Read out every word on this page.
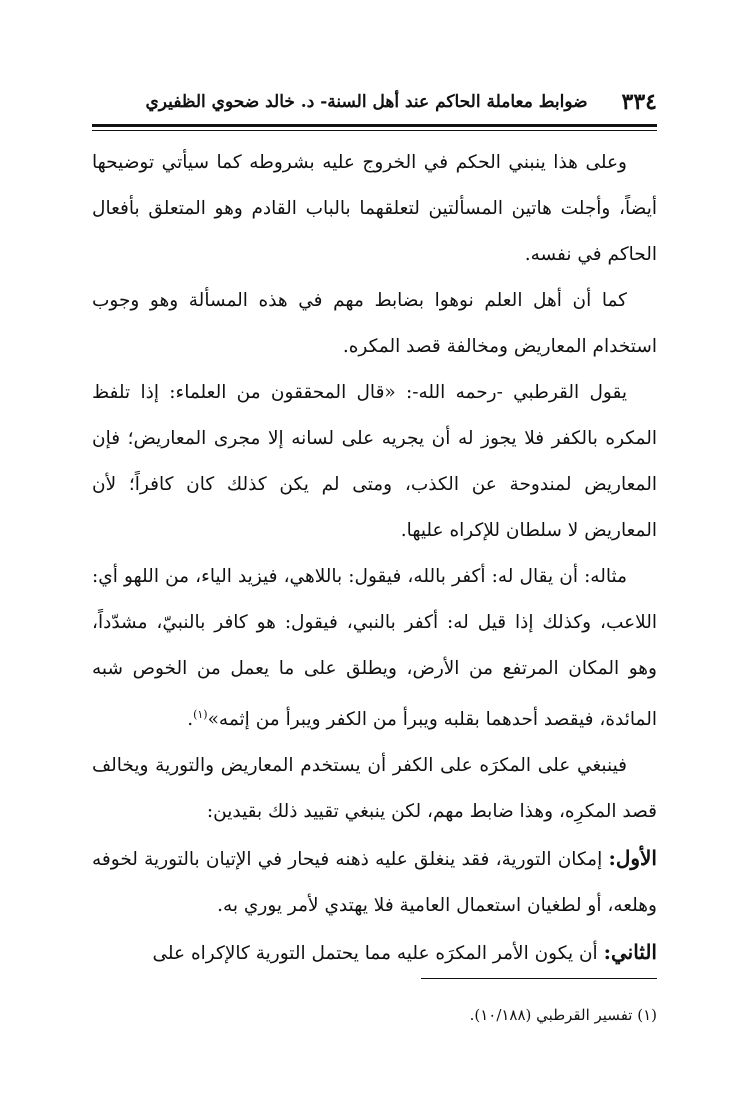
٣٣٤
ضوابط معاملة الحاكم عند أهل السنة- د. خالد ضحوي الظفيري

وعلى هذا ينبني الحكم في الخروج عليه بشروطه كما سيأتي توضيحها أيضاً، وأجلت هاتين المسألتين لتعلقهما بالباب القادم وهو المتعلق بأفعال الحاكم في نفسه.

كما أن أهل العلم نوهوا بضابط مهم في هذه المسألة وهو وجوب استخدام المعاريض ومخالفة قصد المكره.

يقول القرطبي -رحمه الله-: «قال المحققون من العلماء: إذا تلفظ المكره بالكفر فلا يجوز له أن يجريه على لسانه إلا مجرى المعاريض؛ فإن المعاريض لمندوحة عن الكذب، ومتى لم يكن كذلك كان كافراً؛ لأن المعاريض لا سلطان للإكراه عليها.

مثاله: أن يقال له: أكفر بالله، فيقول: باللاهي، فيزيد الياء، من اللهو أي: اللاعب، وكذلك إذا قيل له: أكفر بالنبي، فيقول: هو كافر بالنبيّ، مشدّداً، وهو المكان المرتفع من الأرض، ويطلق على ما يعمل من الخوص شبه المائدة، فيقصد أحدهما بقلبه ويبرأ من الكفر ويبرأ من إثمه»$^{(١)}$.

فينبغي على المكرَه على الكفر أن يستخدم المعاريض والتورية ويخالف قصد المكرِه، وهذا ضابط مهم، لكن ينبغي تقييد ذلك بقيدين:

الأول: إمكان التورية، فقد ينغلق عليه ذهنه فيحار في الإتيان بالتورية لخوفه وهلعه، أو لطغيان استعمال العامية فلا يهتدي لأمر يوري به.

الثاني: أن يكون الأمر المكرَه عليه مما يحتمل التورية كالإكراه على

(١) تفسير القرطبي (١٠/١٨٨).
